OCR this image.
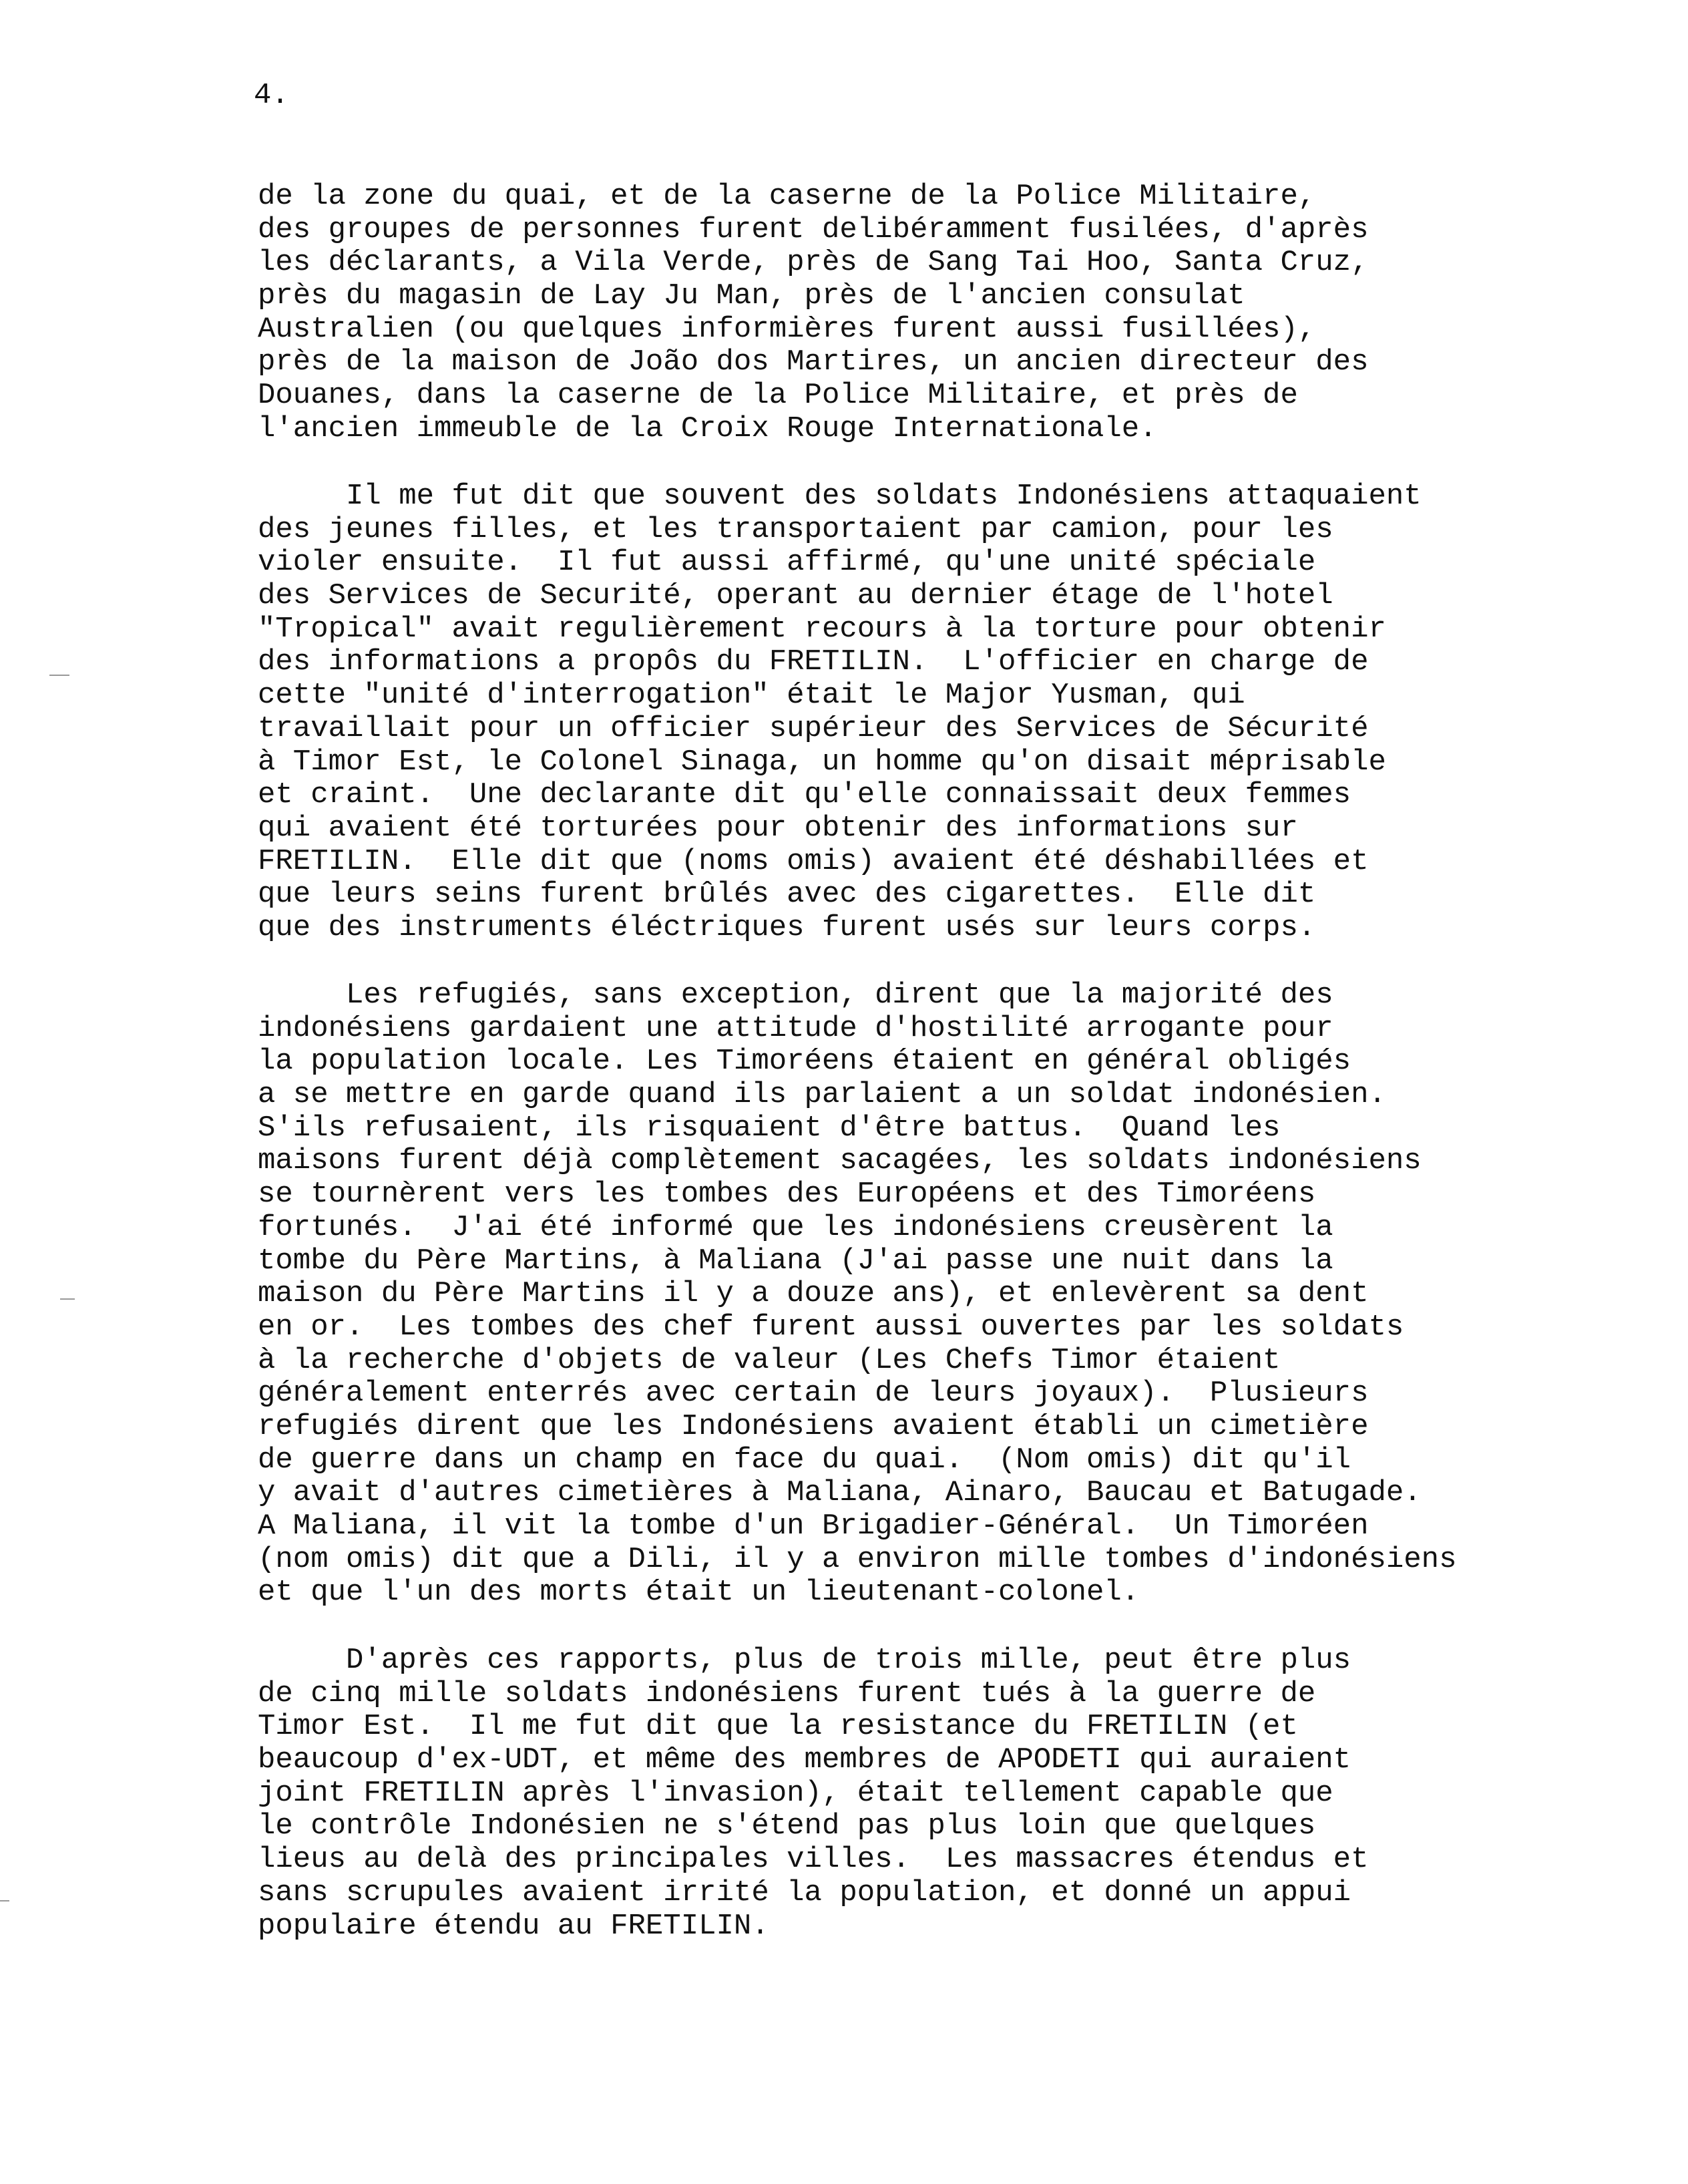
4.
de la zone du quai, et de la caserne de la Police Militaire,
des groupes de personnes furent delibéramment fusilées, d'après
les déclarants, a Vila Verde, près de Sang Tai Hoo, Santa Cruz,
près du magasin de Lay Ju Man, près de l'ancien consulat
Australien (ou quelques informières furent aussi fusillées),
près de la maison de João dos Martires, un ancien directeur des
Douanes, dans la caserne de la Police Militaire, et près de
l'ancien immeuble de la Croix Rouge Internationale.
Il me fut dit que souvent des soldats Indonésiens attaquaient
des jeunes filles, et les transportaient par camion, pour les
violer ensuite.  Il fut aussi affirmé, qu'une unité spéciale
des Services de Securité, operant au dernier étage de l'hotel
"Tropical" avait regulièrement recours à la torture pour obtenir
des informations a propôs du FRETILIN.  L'officier en charge de
cette "unité d'interrogation" était le Major Yusman, qui
travaillait pour un officier supérieur des Services de Sécurité
à Timor Est, le Colonel Sinaga, un homme qu'on disait méprisable
et craint.  Une declarante dit qu'elle connaissait deux femmes
qui avaient été torturées pour obtenir des informations sur
FRETILIN.  Elle dit que (noms omis) avaient été déshabillées et
que leurs seins furent brûlés avec des cigarettes.  Elle dit
que des instruments éléctriques furent usés sur leurs corps.
Les refugiés, sans exception, dirent que la majorité des
indonésiens gardaient une attitude d'hostilité arrogante pour
la population locale. Les Timoréens étaient en général obligés
a se mettre en garde quand ils parlaient a un soldat indonésien.
S'ils refusaient, ils risquaient d'être battus.  Quand les
maisons furent déjà complètement sacagées, les soldats indonésiens
se tournèrent vers les tombes des Européens et des Timoréens
fortunés.  J'ai été informé que les indonésiens creusèrent la
tombe du Père Martins, à Maliana (J'ai passe une nuit dans la
maison du Père Martins il y a douze ans), et enlevèrent sa dent
en or.  Les tombes des chef furent aussi ouvertes par les soldats
à la recherche d'objets de valeur (Les Chefs Timor étaient
généralement enterrés avec certain de leurs joyaux).  Plusieurs
refugiés dirent que les Indonésiens avaient établi un cimetière
de guerre dans un champ en face du quai.  (Nom omis) dit qu'il
y avait d'autres cimetières à Maliana, Ainaro, Baucau et Batugade.
A Maliana, il vit la tombe d'un Brigadier-Général.  Un Timoréen
(nom omis) dit que a Dili, il y a environ mille tombes d'indonésiens
et que l'un des morts était un lieutenant-colonel.
D'après ces rapports, plus de trois mille, peut être plus
de cinq mille soldats indonésiens furent tués à la guerre de
Timor Est.  Il me fut dit que la resistance du FRETILIN (et
beaucoup d'ex-UDT, et même des membres de APODETI qui auraient
joint FRETILIN après l'invasion), était tellement capable que
le contrôle Indonésien ne s'étend pas plus loin que quelques
lieus au delà des principales villes.  Les massacres étendus et
sans scrupules avaient irrité la population, et donné un appui
populaire étendu au FRETILIN.
